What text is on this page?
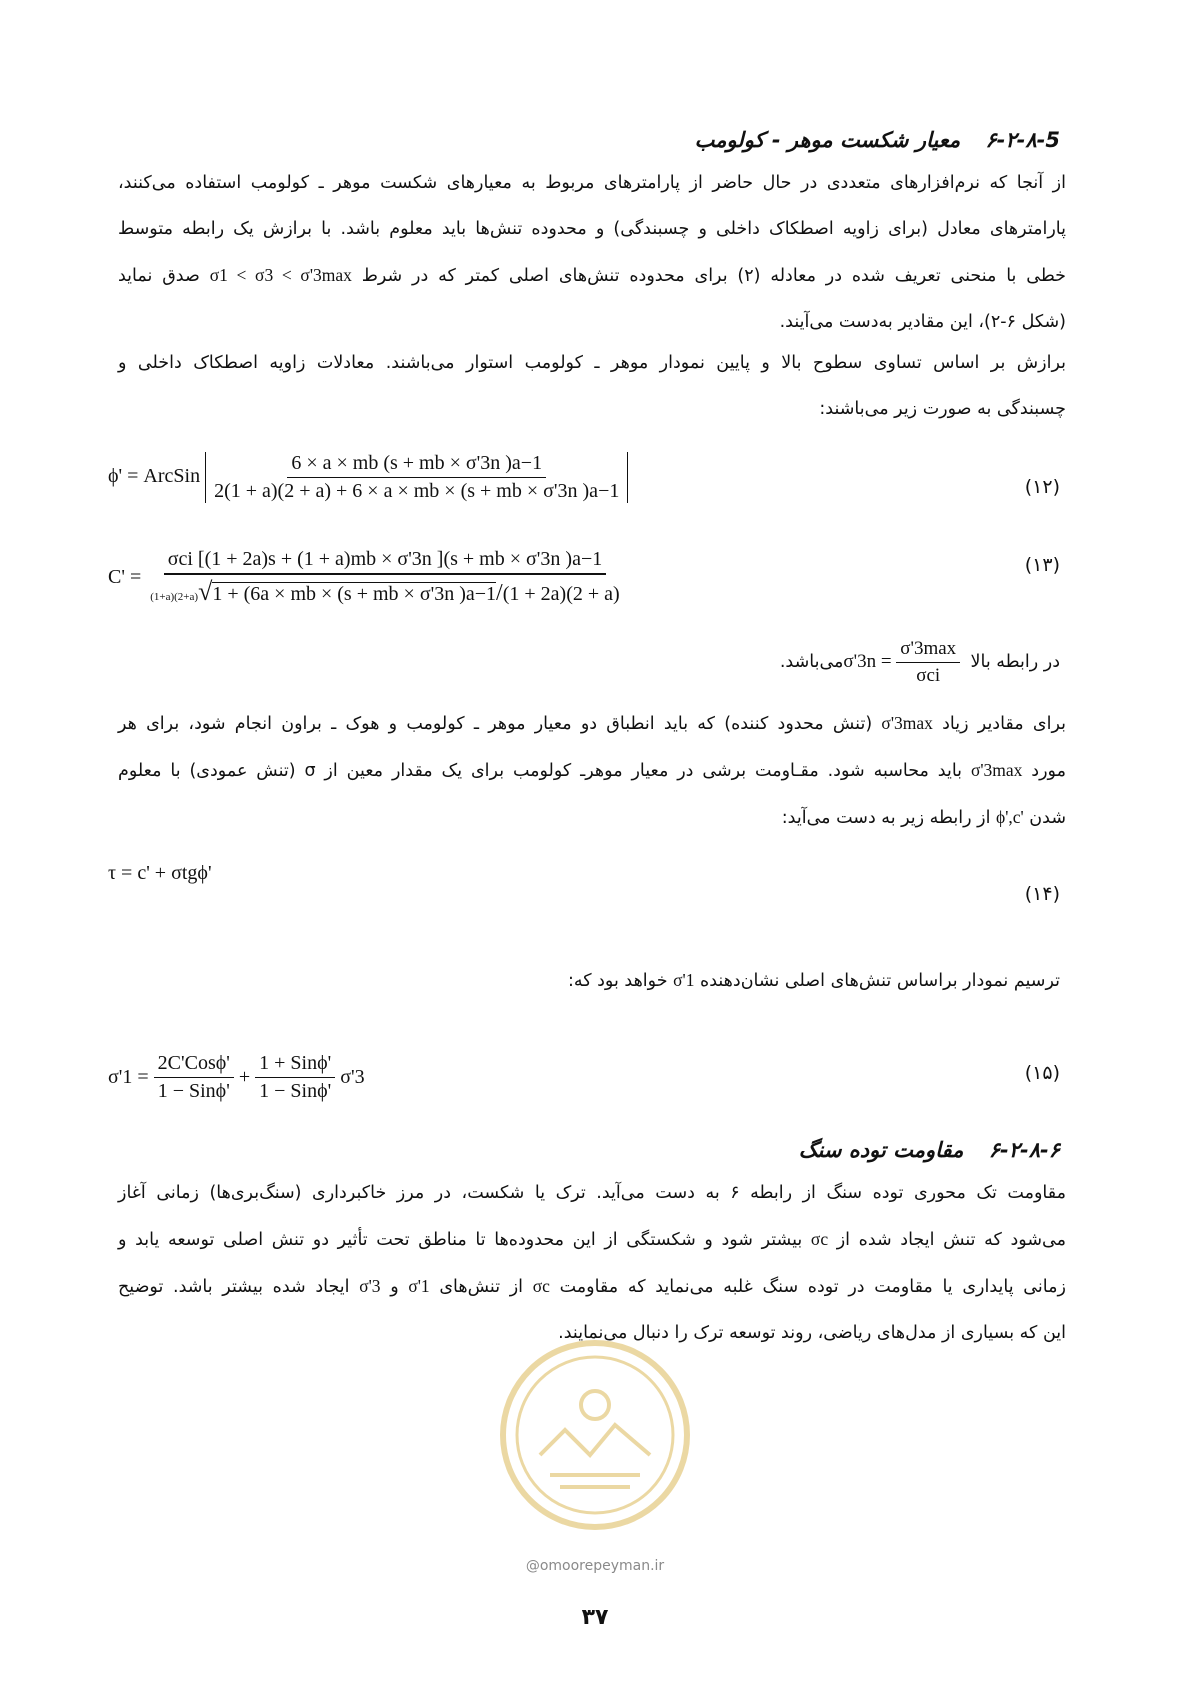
۶-۲-۸-5 معیار شکست موهر - کولومب
از آنجا که نرم‌افزارهای متعددی در حال حاضر از پارامترهای مربوط به معیارهای شکست موهر ـ کولومب استفاده می‌کنند،
پارامترهای معادل (برای زاویه اصطکاک داخلی و چسبندگی) و محدوده تنش‌ها باید معلوم باشد. با برازش یک رابطه متوسط
خطی با منحنی تعریف شده در معادله (۲) برای محدوده تنش‌های اصلی کمتر که در شرط σ1 < σ3 < σ'3max صدق نماید
(شکل ۶-۲)، این مقادیر به‌دست می‌آیند.
برازش بر اساس تساوی سطوح بالا و پایین نمودار موهر ـ کولومب استوار می‌باشند. معادلات زاویه اصطکاک داخلی و
چسبندگی به صورت زیر می‌باشند:
ϕ' = ArcSin $\frac{6 \times a \times mb (s + mb \times \sigma'3n )a-1}{2(1 + a)(2 + a) + 6 \times a \times mb \times (s + mb \times \sigma'3n )a-1}$	(۱۲)
C' =
σci [(1 + 2a)s + (1 + a)mb × σ'3n ](s + mb × σ'3n )a−1
(1+a)(2+a)√1 + (6a × mb × (s + mb × σ'3n )a−1/(1 + 2a)(2 + a)
(۱۳)
در رابطه بالا $\sigma'3n = \frac{\sigma'3\max}{\text{σci}}$
می‌باشد.
برای مقادیر زیاد σ'3max (تنش محدود کننده) که باید انطباق دو معیار موهر ـ کولومب و هوک ـ براون انجام شود، برای هر
مورد σ'3max باید محاسبه شود. مقـاومت برشی در معیار موهرـ کولومب برای یک مقدار معین از σ (تنش عمودی) با معلوم
شدن ϕ',c' از رابطه زیر به دست می‌آید:
τ = c' + σtgϕ'
(۱۴)
ترسیم نمودار براساس تنش‌های اصلی نشان‌دهنده σ'1 خواهد بود که:
$\sigma'1 = \frac{\text{2C'Cosϕ'}}{\text{1 − Sinϕ'}} + \frac{\text{1 + Sinϕ'}}{\text{1 − Sinϕ'}} \sigma'3$	(۱۵)
۶-۲-۸-۶ مقاومت توده سنگ
مقاومت تک محوری توده سنگ از رابطه ۶ به دست می‌آید. ترک یا شکست، در مرز خاکبرداری (سنگ‌بری‌ها) زمانی آغاز
می‌شود که تنش ایجاد شده از σc بیشتر شود و شکستگی از این محدوده‌ها تا مناطق تحت تأثیر دو تنش اصلی توسعه یابد و
زمانی پایداری یا مقاومت در توده سنگ غلبه می‌نماید که مقاومت σc از تنش‌های σ'1 و σ'3 ایجاد شده بیشتر باشد. توضیح
این که بسیاری از مدل‌های ریاضی، روند توسعه ترک را دنبال می‌نمایند.
@omoorepeyman.ir
۳۷
